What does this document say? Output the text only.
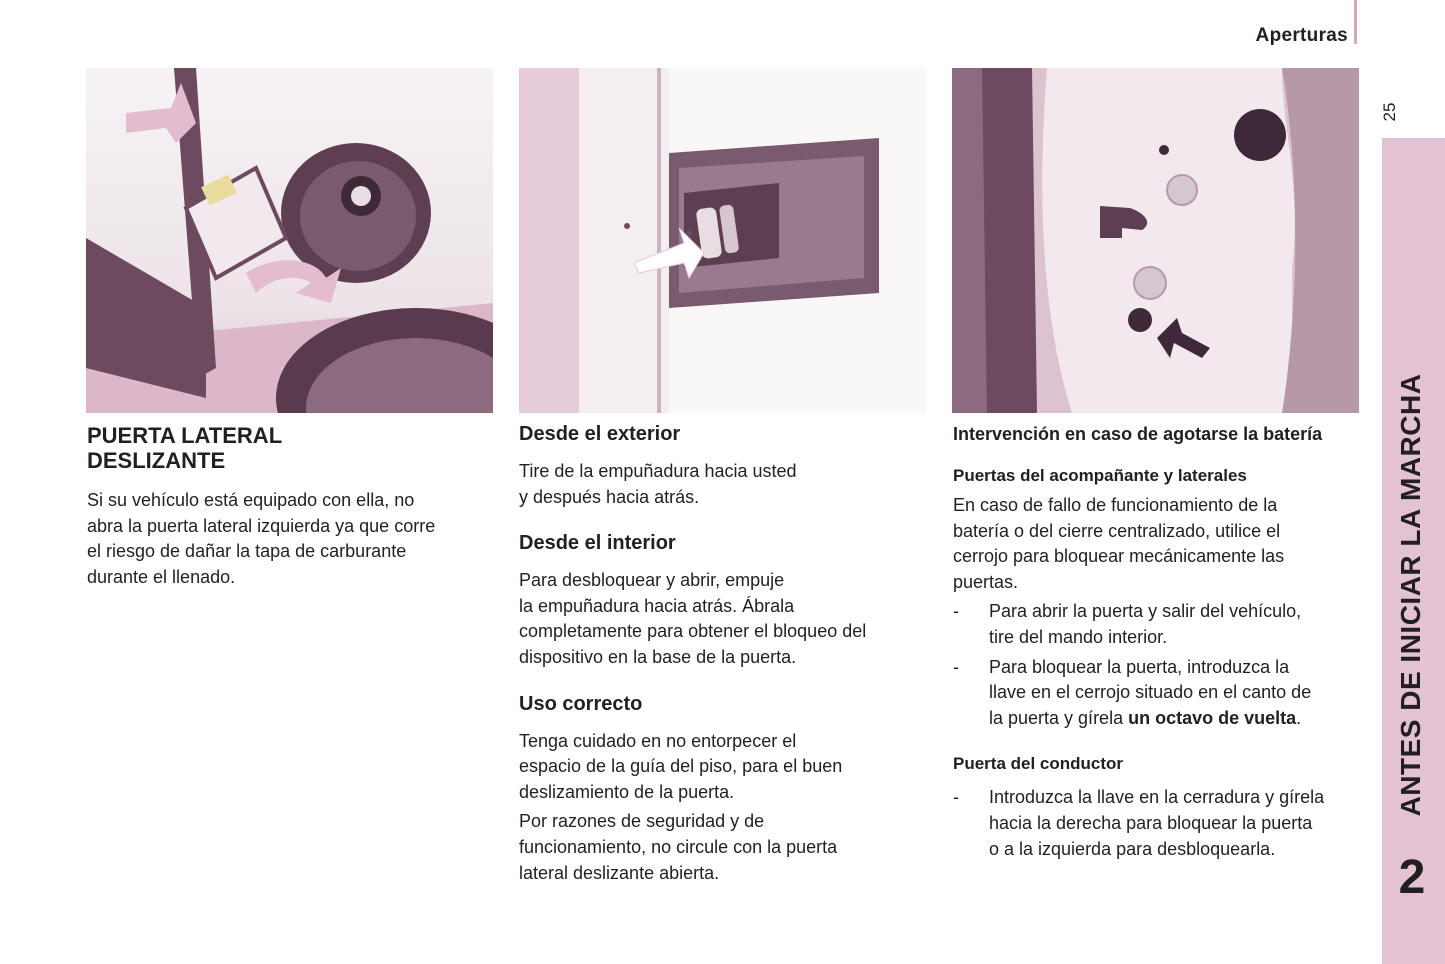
Aperturas
25
ANTES DE INICIAR LA MARCHA
2
PUERTA LATERAL
DESLIZANTE

Si su vehículo está equipado con ella, no
abra la puerta lateral izquierda ya que corre
el riesgo de dañar la tapa de carburante
durante el llenado.

Desde el exterior

Tire de la empuñadura hacia usted
y después hacia atrás.

Desde el interior

Para desbloquear y abrir, empuje
la empuñadura hacia atrás. Ábrala
completamente para obtener el bloqueo del
dispositivo en la base de la puerta.

Uso correcto

Tenga cuidado en no entorpecer el
espacio de la guía del piso, para el buen
deslizamiento de la puerta.

Por razones de seguridad y de
funcionamiento, no circule con la puerta
lateral deslizante abierta.

Intervención en caso de agotarse la batería
Puertas del acompañante y laterales

En caso de fallo de funcionamiento de la
batería o del cierre centralizado, utilice el
cerrojo para bloquear mecánicamente las
puertas.

- Para abrir la puerta y salir del vehículo,
tire del mando interior.
- Para bloquear la puerta, introduzca la
llave en el cerrojo situado en el canto de
la puerta y gírela un octavo de vuelta.
Puerta del conductor
- Introduzca la llave en la cerradura y gírela
hacia la derecha para bloquear la puerta
o a la izquierda para desbloquearla.
